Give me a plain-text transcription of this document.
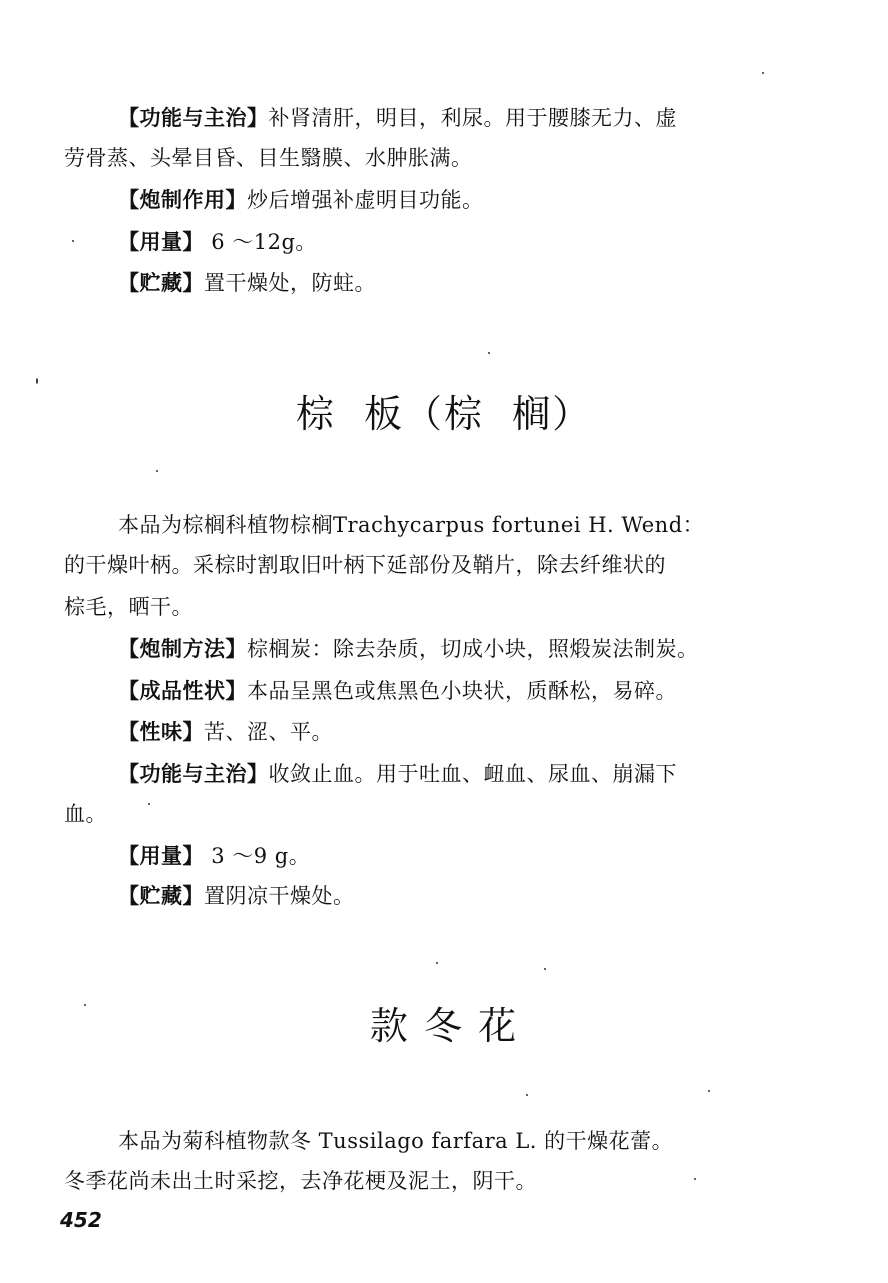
【功能与主治】补肾清肝，明目，利尿。用于腰膝无力、虚
劳骨蒸、头晕目昏、目生翳膜、水肿胀满。
【炮制作用】炒后增强补虚明目功能。
【用量】 6 ～12g。
【贮藏】置干燥处，防蛀。
棕  板（棕  榈）
本品为棕榈科植物棕榈Trachycarpus fortunei H. Wend：
的干燥叶柄。采棕时割取旧叶柄下延部份及鞘片，除去纤维状的
棕毛，晒干。
【炮制方法】棕榈炭：除去杂质，切成小块，照煅炭法制炭。
【成品性状】本品呈黑色或焦黑色小块状，质酥松，易碎。
【性味】苦、涩、平。
【功能与主治】收敛止血。用于吐血、衄血、尿血、崩漏下
血。
【用量】 3 ～9 g。
【贮藏】置阴凉干燥处。
款 冬 花
本品为菊科植物款冬 Tussilago farfara L. 的干燥花蕾。
冬季花尚未出土时采挖，去净花梗及泥土，阴干。
452
